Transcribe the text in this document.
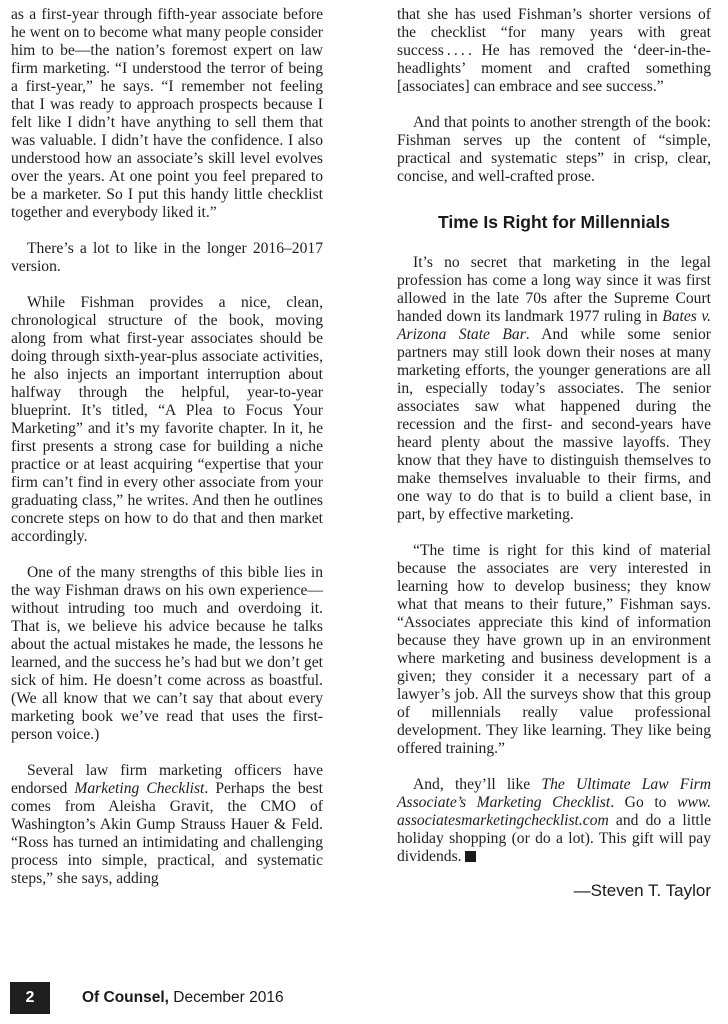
as a first-year through fifth-year associate before he went on to become what many people consider him to be—the nation’s foremost expert on law firm marketing. “I understood the terror of being a first-year,” he says. “I remember not feeling that I was ready to approach prospects because I felt like I didn’t have anything to sell them that was valuable. I didn’t have the confidence. I also understood how an associate’s skill level evolves over the years. At one point you feel prepared to be a marketer. So I put this handy little checklist together and everybody liked it.”

There’s a lot to like in the longer 2016–2017 version.

While Fishman provides a nice, clean, chronological structure of the book, moving along from what first-year associates should be doing through sixth-year-plus associate activities, he also injects an important interruption about halfway through the helpful, year-to-year blueprint. It’s titled, “A Plea to Focus Your Marketing” and it’s my favorite chapter. In it, he first presents a strong case for building a niche practice or at least acquiring “expertise that your firm can’t find in every other associate from your graduating class,” he writes. And then he outlines concrete steps on how to do that and then market accordingly.

One of the many strengths of this bible lies in the way Fishman draws on his own experience—without intruding too much and overdoing it. That is, we believe his advice because he talks about the actual mistakes he made, the lessons he learned, and the success he’s had but we don’t get sick of him. He doesn’t come across as boastful. (We all know that we can’t say that about every marketing book we’ve read that uses the first-person voice.)

Several law firm marketing officers have endorsed Marketing Checklist. Perhaps the best comes from Aleisha Gravit, the CMO of Washington’s Akin Gump Strauss Hauer & Feld. “Ross has turned an intimidating and challenging process into simple, practical, and systematic steps,” she says, adding

that she has used Fishman’s shorter versions of the checklist “for many years with great success . . . . He has removed the ‘deer-in-the-headlights’ moment and crafted something [associates] can embrace and see success.”

And that points to another strength of the book: Fishman serves up the content of “simple, practical and systematic steps” in crisp, clear, concise, and well-crafted prose.

Time Is Right for Millennials

It’s no secret that marketing in the legal profession has come a long way since it was first allowed in the late 70s after the Supreme Court handed down its landmark 1977 ruling in Bates v. Arizona State Bar. And while some senior partners may still look down their noses at many marketing efforts, the younger generations are all in, especially today’s associates. The senior associates saw what happened during the recession and the first- and second-years have heard plenty about the massive layoffs. They know that they have to distinguish themselves to make themselves invaluable to their firms, and one way to do that is to build a client base, in part, by effective marketing.

“The time is right for this kind of material because the associates are very interested in learning how to develop business; they know what that means to their future,” Fishman says. “Associates appreciate this kind of information because they have grown up in an environment where marketing and business development is a given; they consider it a necessary part of a lawyer’s job. All the surveys show that this group of millennials really value professional development. They like learning. They like being offered training.”

And, they’ll like The Ultimate Law Firm Associate’s Marketing Checklist. Go to www.​associatesmarketingchecklist.com and do a little holiday shopping (or do a lot). This gift will pay dividends.

—Steven T. Taylor
2	Of Counsel, December 2016
